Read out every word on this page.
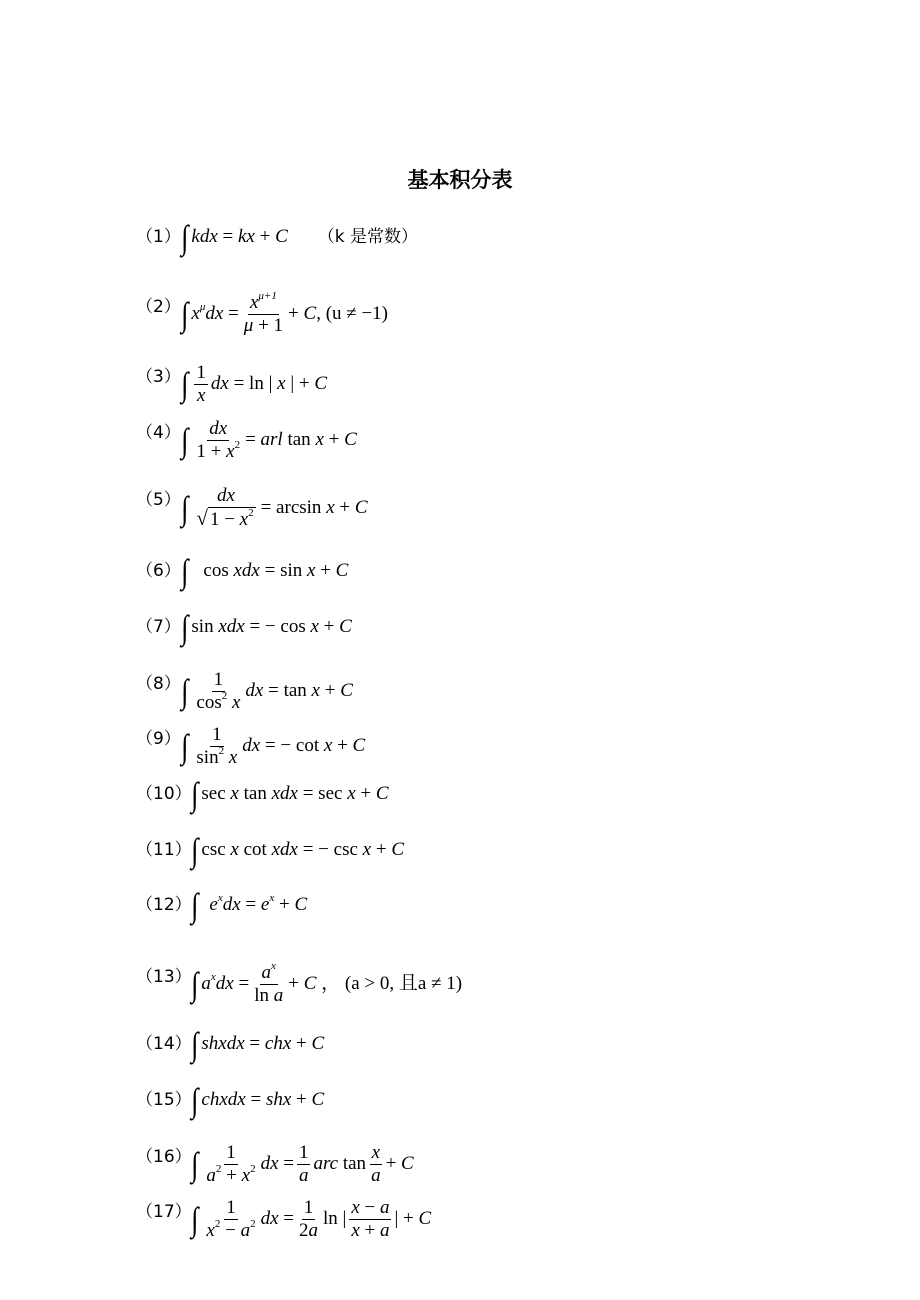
基本积分表
（1） ∫ kdx = kx + C （k 是常数）
（2） ∫ $x^\mu dx = \frac{x^{\mu+1}}{\mu + 1} + C$, (u ≠ −1)
（3） ∫ $\frac{1}{x}$ dx = ln | x | + C
（4） ∫ $\frac{dx}{1 + x^2}$ = arl tan x + C
（5） ∫ $\frac{dx}{√ 1 - x^2} = \arcsin x + C$
（6） ∫ cos xdx = sin x + C
（7） ∫ sin xdx = − cos x + C
（8） ∫ $\frac{1}{\cos^2 x}$ dx = tan x + C
（9） ∫ $\frac{1}{\sin^2 x}$ dx = − cot x + C
（10） ∫ sec x tan xdx = sec x + C
（11） ∫ csc x cot xdx = − csc x + C
（12） ∫ $e^xdx = e^x + C$
（13） ∫ $a^xdx = \frac{a^x}{\text{ln a}} + C$ ， (a > 0, 且a ≠ 1)
（14） ∫ shxdx = chx + C
（15） ∫ chxdx = shx + C
（16） ∫ $\frac{1}{a^2 + x^2}$ dx = $\frac{1}{a}$ arc $\tan \frac{x}{a} + C$
（17） ∫ $\frac{1}{x^2 - a^2}$ dx = $\frac{1}{2a}$ ln | $\frac{x - a}{x + a}$ | + C
